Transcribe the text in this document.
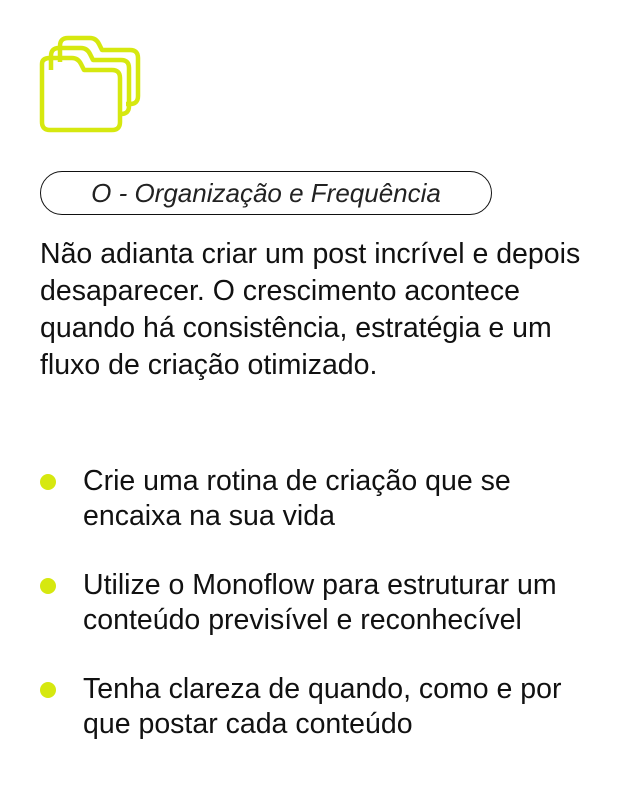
O - Organização e Frequência
Não adianta criar um post incrível e depois desaparecer. O crescimento acontece quando há consistência, estratégia e um fluxo de criação otimizado.
Crie uma rotina de criação que se encaixa na sua vida
Utilize o Monoflow para estruturar um conteúdo previsível e reconhecível
Tenha clareza de quando, como e por que postar cada conteúdo
